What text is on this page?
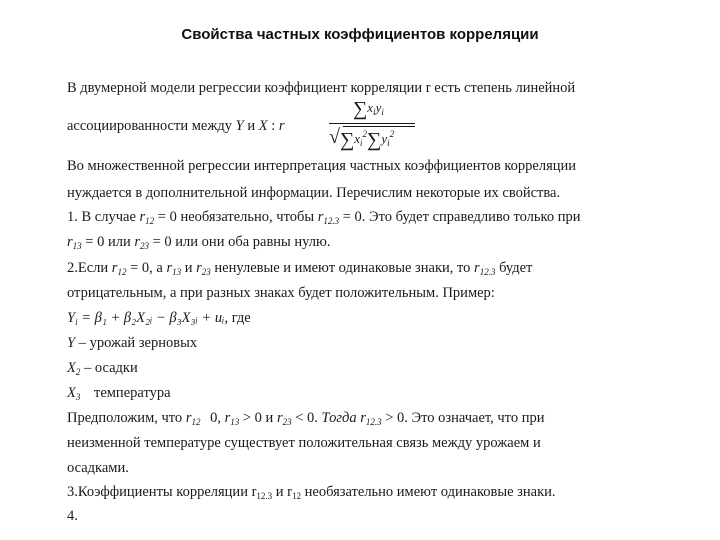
Свойства частных коэффициентов корреляции
В двумерной модели регрессии коэффициент корреляции r есть степень линейной
ассоциированности между Y и X : r
$\sum x_iy_i$
$√\sum x_i^2\sum y_i^2$
Во множественной регрессии интерпретация частных коэффициентов корреляции
нуждается в дополнительной информации. Перечислим некоторые их свойства.
1. В случае $r_{12} = 0$ необязательно, чтобы $r_{12.3} = 0$. Это будет справедливо только при
$r_{13} = 0$ или $r_{23} = 0$ или они оба равны нулю.
2.Если $r_{12} = 0$, а $r_{13}$ и $r_{23}$ ненулевые и имеют одинаковые знаки, то $r_{12.3}$ будет
отрицательным, а при разных знаках будет положительным. Пример:
$Y_i = \beta_1$ + β₂X₂ᵢ − β₃X₃ᵢ + uᵢ, где
Y – урожай зерновых
$X_2$ – осадки
$X_3$ температура
Предположим, что $r_{12}$ 0, $r_{13} > 0$ и $r_{23} < 0$. Тогда $r_{12.3} > 0$. Это означает, что при
неизменной температуре существует положительная связь между урожаем и
осадками.
3.Коэффициенты корреляции $r_{12.3}$ и $r_{12}$ необязательно имеют одинаковые знаки.
4.
